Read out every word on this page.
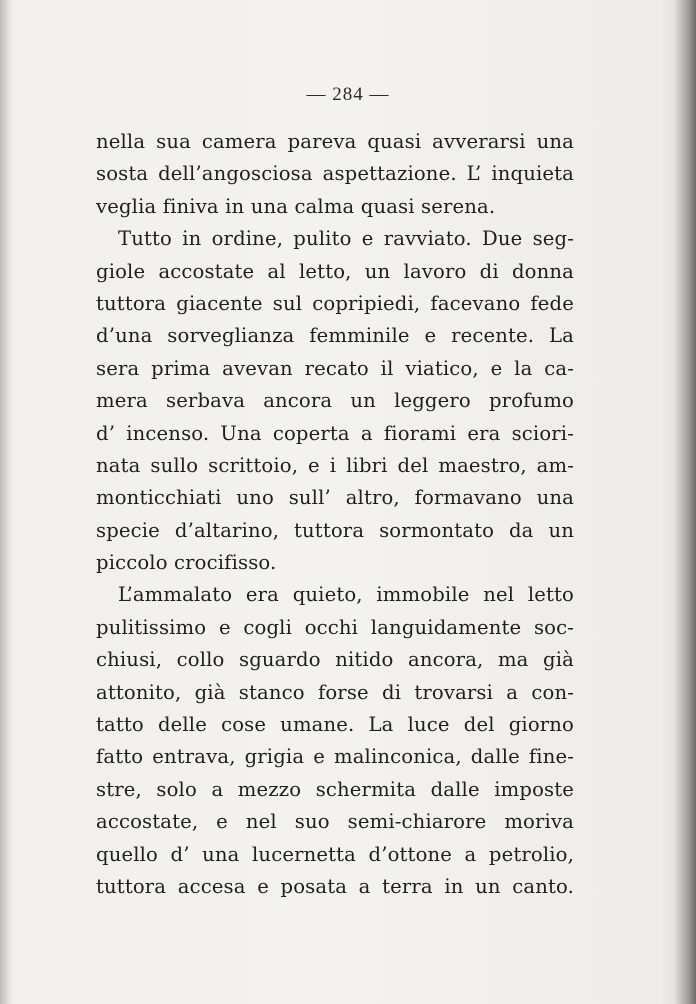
— 284 —
nella sua camera pareva quasi avverarsi una
sosta dell’angosciosa aspettazione. L’ inquieta
veglia finiva in una calma quasi serena.
Tutto in ordine, pulito e ravviato. Due seg-
giole accostate al letto, un lavoro di donna
tuttora giacente sul copripiedi, facevano fede
d’una sorveglianza femminile e recente. La
sera prima avevan recato il viatico, e la ca-
mera serbava ancora un leggero profumo
d’ incenso. Una coperta a fiorami era sciori-
nata sullo scrittoio, e i libri del maestro, am-
monticchiati uno sull’ altro, formavano una
specie d’altarino, tuttora sormontato da un
piccolo crocifisso.
L’ammalato era quieto, immobile nel letto
pulitissimo e cogli occhi languidamente soc-
chiusi, collo sguardo nitido ancora, ma già
attonito, già stanco forse di trovarsi a con-
tatto delle cose umane. La luce del giorno
fatto entrava, grigia e malinconica, dalle fine-
stre, solo a mezzo schermita dalle imposte
accostate, e nel suo semi-chiarore moriva
quello d’ una lucernetta d’ottone a petrolio,
tuttora accesa e posata a terra in un canto.
